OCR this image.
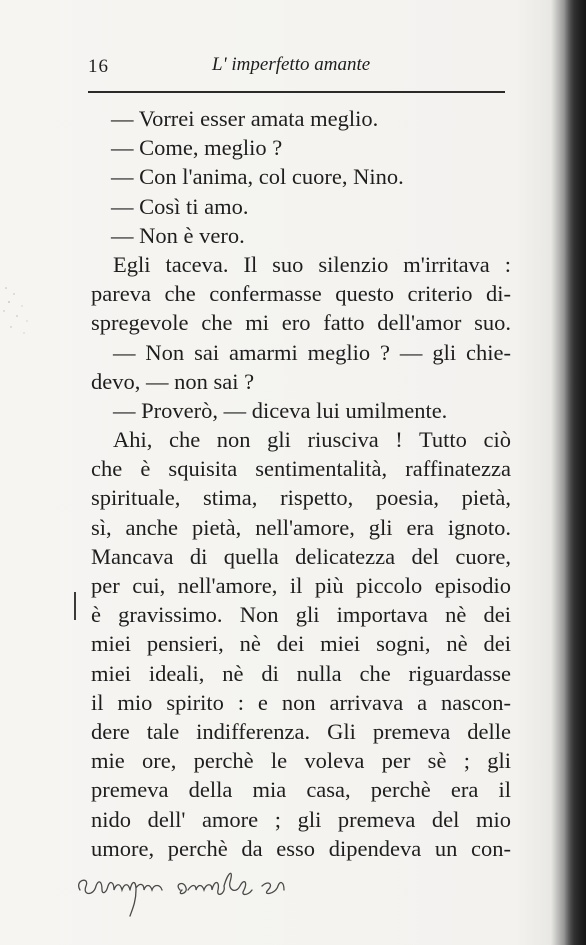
16	L' imperfetto amante
— Vorrei esser amata meglio.
— Come, meglio ?
— Con l'anima, col cuore, Nino.
— Così ti amo.
— Non è vero.
Egli taceva. Il suo silenzio m'irritava :
pareva che confermasse questo criterio di-
spregevole che mi ero fatto dell'amor suo.
— Non sai amarmi meglio ? — gli chie-
devo, — non sai ?
— Proverò, — diceva lui umilmente.
Ahi, che non gli riusciva ! Tutto ciò
che è squisita sentimentalità, raffinatezza
spirituale, stima, rispetto, poesia, pietà,
sì, anche pietà, nell'amore, gli era ignoto.
Mancava di quella delicatezza del cuore,
per cui, nell'amore, il più piccolo episodio
è gravissimo. Non gli importava nè dei
miei pensieri, nè dei miei sogni, nè dei
miei ideali, nè di nulla che riguardasse
il mio spirito : e non arrivava a nascon-
dere tale indifferenza. Gli premeva delle
mie ore, perchè le voleva per sè ; gli
premeva della mia casa, perchè era il
nido dell' amore ; gli premeva del mio
umore, perchè da esso dipendeva un con-
